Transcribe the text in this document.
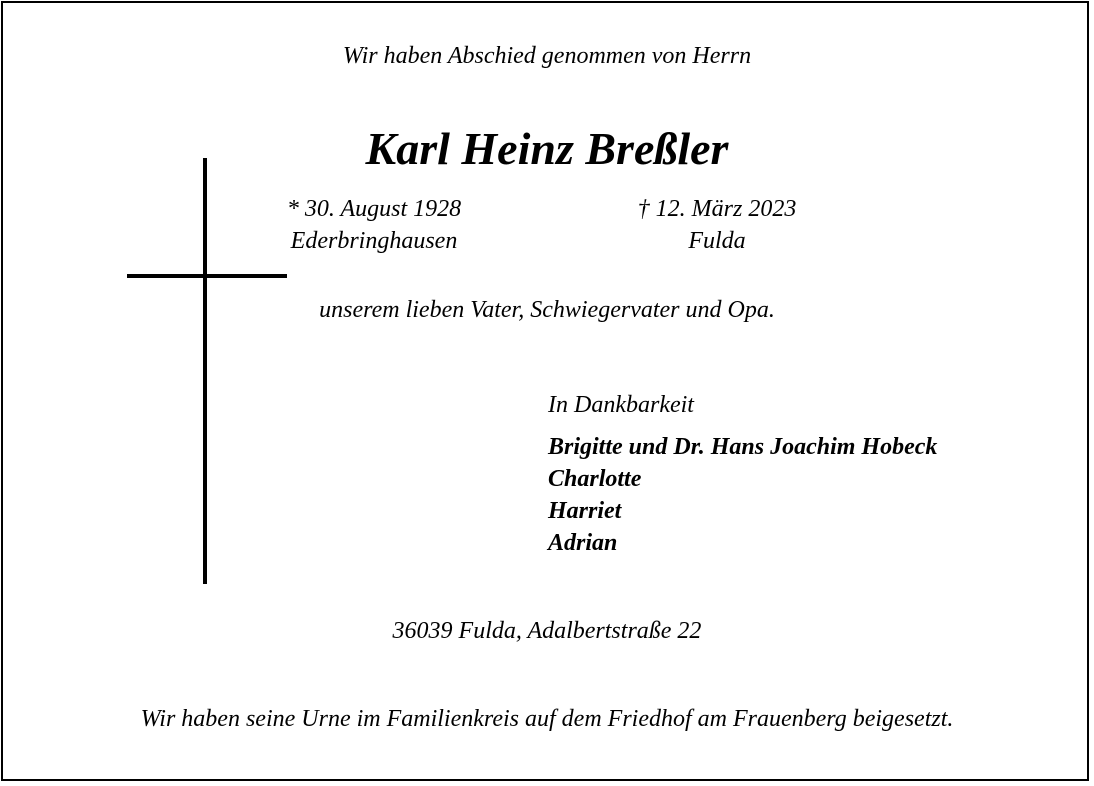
Wir haben Abschied genommen von Herrn
Karl Heinz Breßler
* 30. August 1928
Ederbringhausen
† 12. März 2023
Fulda
unserem lieben Vater, Schwiegervater und Opa.
In Dankbarkeit
Brigitte und Dr. Hans Joachim Hobeck
Charlotte
Harriet
Adrian
36039 Fulda, Adalbertstraße 22
Wir haben seine Urne im Familienkreis auf dem Friedhof am Frauenberg beigesetzt.
